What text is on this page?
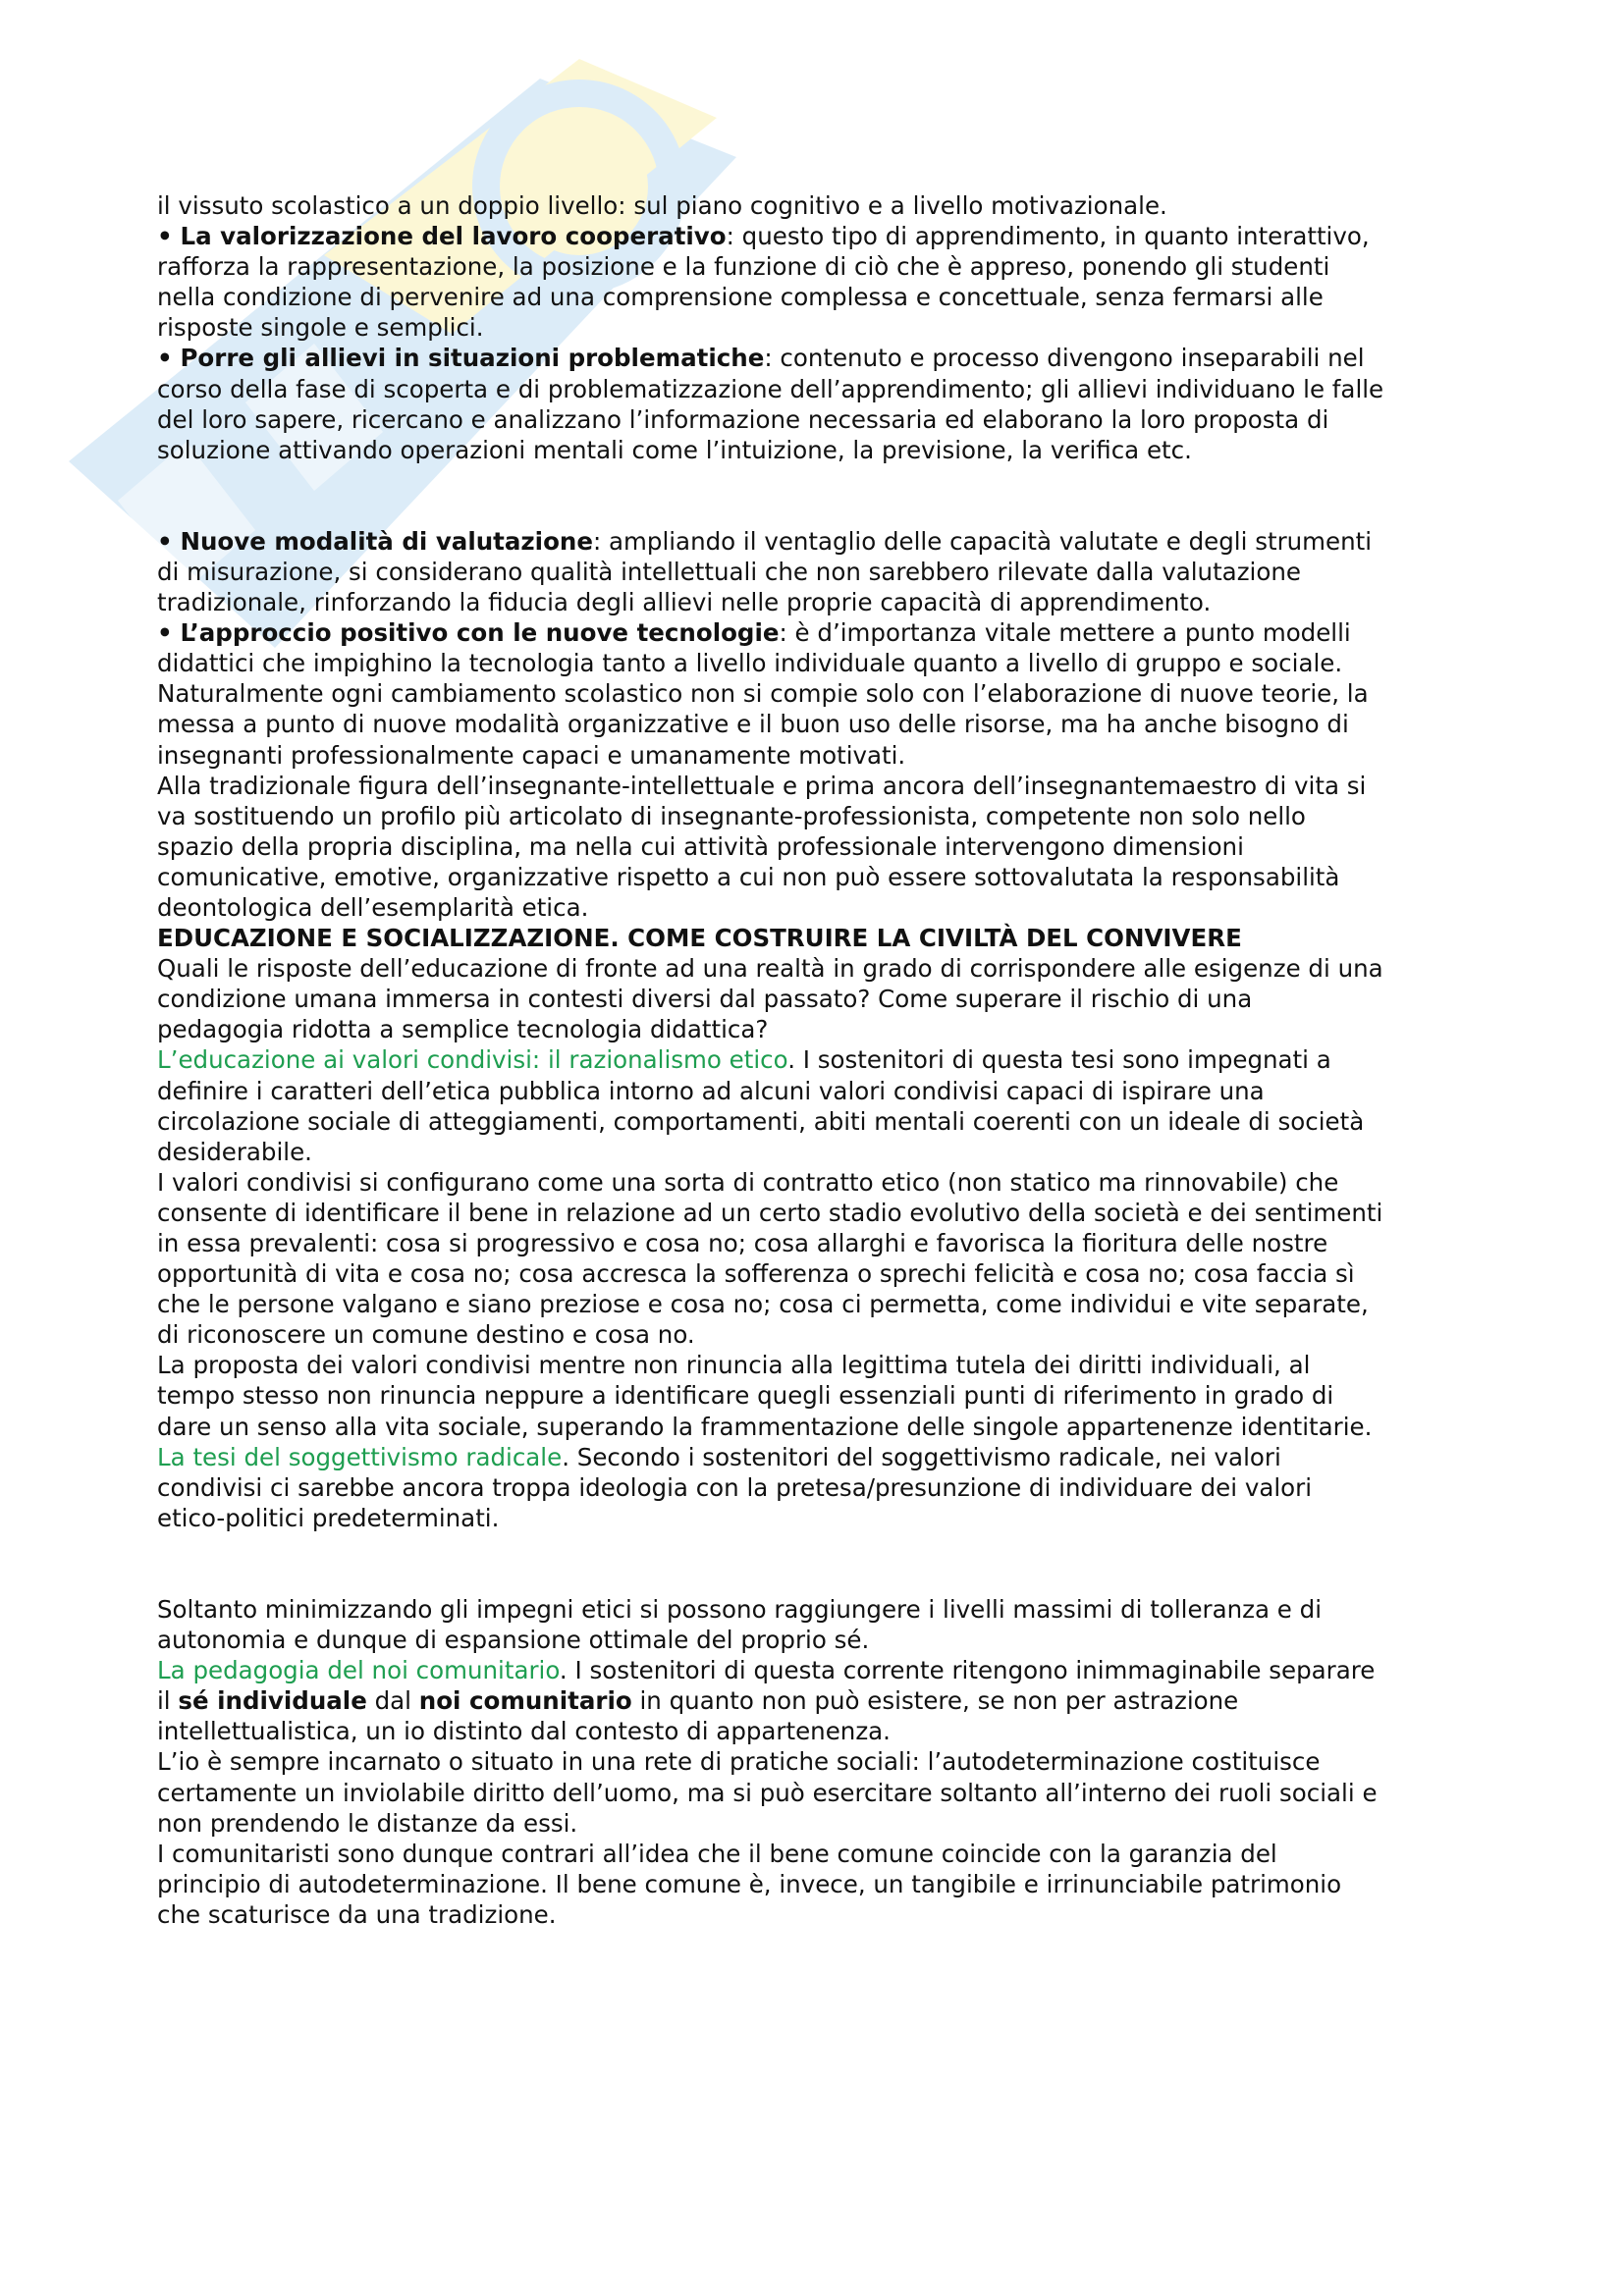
il vissuto scolastico a un doppio livello: sul piano cognitivo e a livello motivazionale.

• La valorizzazione del lavoro cooperativo: questo tipo di apprendimento, in quanto interattivo, rafforza la rappresentazione, la posizione e la funzione di ciò che è appreso, ponendo gli studenti nella condizione di pervenire ad una comprensione complessa e concettuale, senza fermarsi alle risposte singole e semplici.

• Porre gli allievi in situazioni problematiche: contenuto e processo divengono inseparabili nel corso della fase di scoperta e di problematizzazione dell’apprendimento; gli allievi individuano le falle del loro sapere, ricercano e analizzano l’informazione necessaria ed elaborano la loro proposta di soluzione attivando operazioni mentali come l’intuizione, la previsione, la verifica etc.

• Nuove modalità di valutazione: ampliando il ventaglio delle capacità valutate e degli strumenti di misurazione, si considerano qualità intellettuali che non sarebbero rilevate dalla valutazione tradizionale, rinforzando la fiducia degli allievi nelle proprie capacità di apprendimento.

• L’approccio positivo con le nuove tecnologie: è d’importanza vitale mettere a punto modelli didattici che impighino la tecnologia tanto a livello individuale quanto a livello di gruppo e sociale.

Naturalmente ogni cambiamento scolastico non si compie solo con l’elaborazione di nuove teorie, la messa a punto di nuove modalità organizzative e il buon uso delle risorse, ma ha anche bisogno di insegnanti professionalmente capaci e umanamente motivati.

Alla tradizionale figura dell’insegnante-intellettuale e prima ancora dell’insegnantemaestro di vita si va sostituendo un profilo più articolato di insegnante-professionista, competente non solo nello spazio della propria disciplina, ma nella cui attività professionale intervengono dimensioni comunicative, emotive, organizzative rispetto a cui non può essere sottovalutata la responsabilità deontologica dell’esemplarità etica.

EDUCAZIONE E SOCIALIZZAZIONE. COME COSTRUIRE LA CIVILTÀ DEL CONVIVERE

Quali le risposte dell’educazione di fronte ad una realtà in grado di corrispondere alle esigenze di una condizione umana immersa in contesti diversi dal passato? Come superare il rischio di una pedagogia ridotta a semplice tecnologia didattica?

L’educazione ai valori condivisi: il razionalismo etico. I sostenitori di questa tesi sono impegnati a definire i caratteri dell’etica pubblica intorno ad alcuni valori condivisi capaci di ispirare una circolazione sociale di atteggiamenti, comportamenti, abiti mentali coerenti con un ideale di società desiderabile.

I valori condivisi si configurano come una sorta di contratto etico (non statico ma rinnovabile) che consente di identificare il bene in relazione ad un certo stadio evolutivo della società e dei sentimenti in essa prevalenti: cosa si progressivo e cosa no; cosa allarghi e favorisca la fioritura delle nostre opportunità di vita e cosa no; cosa accresca la sofferenza o sprechi felicità e cosa no; cosa faccia sì che le persone valgano e siano preziose e cosa no; cosa ci permetta, come individui e vite separate, di riconoscere un comune destino e cosa no.

La proposta dei valori condivisi mentre non rinuncia alla legittima tutela dei diritti individuali, al tempo stesso non rinuncia neppure a identificare quegli essenziali punti di riferimento in grado di dare un senso alla vita sociale, superando la frammentazione delle singole appartenenze identitarie.

La tesi del soggettivismo radicale. Secondo i sostenitori del soggettivismo radicale, nei valori condivisi ci sarebbe ancora troppa ideologia con la pretesa/presunzione di individuare dei valori etico-politici predeterminati.

Soltanto minimizzando gli impegni etici si possono raggiungere i livelli massimi di tolleranza e di autonomia e dunque di espansione ottimale del proprio sé.

La pedagogia del noi comunitario. I sostenitori di questa corrente ritengono inimmaginabile separare il sé individuale dal noi comunitario in quanto non può esistere, se non per astrazione intellettualistica, un io distinto dal contesto di appartenenza.

L’io è sempre incarnato o situato in una rete di pratiche sociali: l’autodeterminazione costituisce certamente un inviolabile diritto dell’uomo, ma si può esercitare soltanto all’interno dei ruoli sociali e non prendendo le distanze da essi.

I comunitaristi sono dunque contrari all’idea che il bene comune coincide con la garanzia del principio di autodeterminazione. Il bene comune è, invece, un tangibile e irrinunciabile patrimonio che scaturisce da una tradizione.
